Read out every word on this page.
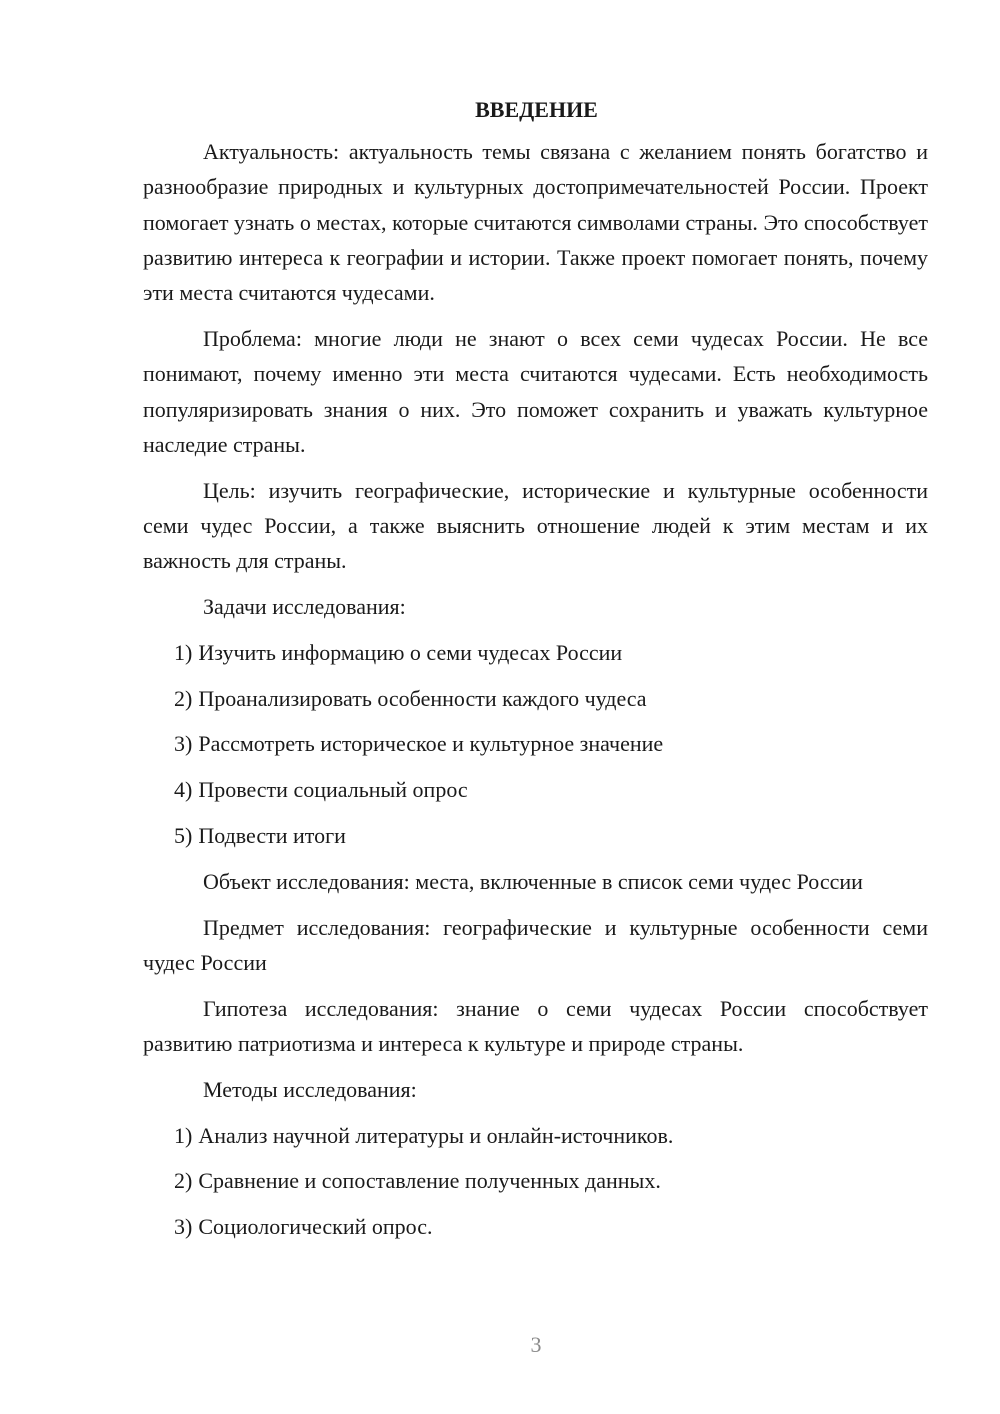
ВВЕДЕНИЕ
Актуальность: актуальность темы связана с желанием понять богатство и разнообразие природных и культурных достопримечательностей России. Проект помогает узнать о местах, которые считаются символами страны. Это способствует развитию интереса к географии и истории. Также проект помогает понять, почему эти места считаются чудесами.
Проблема: многие люди не знают о всех семи чудесах России. Не все понимают, почему именно эти места считаются чудесами. Есть необходимость популяризировать знания о них. Это поможет сохранить и уважать культурное наследие страны.
Цель: изучить географические, исторические и культурные особенности семи чудес России, а также выяснить отношение людей к этим местам и их важность для страны.
Задачи исследования:
1) Изучить информацию о семи чудесах России
2) Проанализировать особенности каждого чудеса
3) Рассмотреть историческое и культурное значение
4) Провести социальный опрос
5) Подвести итоги
Объект исследования: места, включенные в список семи чудес России
Предмет исследования: географические и культурные особенности семи чудес России
Гипотеза исследования: знание о семи чудесах России способствует развитию патриотизма и интереса к культуре и природе страны.
Методы исследования:
1) Анализ научной литературы и онлайн-источников.
2) Сравнение и сопоставление полученных данных.
3) Социологический опрос.
3
